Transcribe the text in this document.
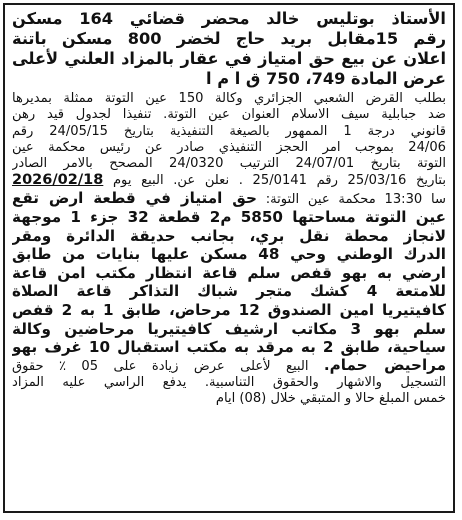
الأستاذ بوتليس خالد محضر قضائي 164 مسكن
رقم 15مقابل بريد حاج لخضر 800 مسكن باتنة
اعلان عن بيع حق امتياز في عقار بالمزاد العلني لأعلى
عرض المادة 749، 750 ق ا م ا
بطلب القرض الشعبي الجزائري وكالة 150 عين التوتة ممثلة بمديرها
ضد جبابلية سيف الاسلام العنوان عين التوتة. تنفيذا لجدول قيد رهن
قانوني درجة 1 الممهور بالصيغة التنفيذية بتاريخ 24/05/15 رقم
24/06 بموجب امر الحجز التنفيذي صادر عن رئيس محكمة عين
التوتة بتاريخ 24/07/01 الترتيب 24/0320 المصحح بالامر الصادر
بتاريخ 25/03/16 رقم 25/0141 . نعلن عن. البيع يوم 2026/02/18
سا 13:30 محكمة عين التوتة: حق امتياز في قطعة ارض تقع
عين التوتة مساحتها 5850 م2 قطعة 32 جزء 1 موجهة
لانجاز محطة نقل بري، بجانب حديقة الدائرة ومقر
الدرك الوطني وحي 48 مسكن عليها بنايات من طابق
ارضي به بهو قفص سلم قاعة انتظار مكتب امن قاعة
للامتعة 4 كشك متجر شباك التذاكر قاعة الصلاة
كافيتيريا امين الصندوق 12 مرحاض، طابق 1 به 2 قفص
سلم بهو 3 مكاتب ارشيف كافيتيريا مرحاضين وكالة
سياحية، طابق 2 به مرقد به مكتب استقبال 10 غرف بهو
مراحيض حمام. البيع لأعلى عرض زيادة على 05 ٪ حقوق
التسجيل والاشهار والحقوق التناسبية. يدفع الراسي عليه المزاد
خمس المبلغ حالا و المتبقي خلال (08) ايام
